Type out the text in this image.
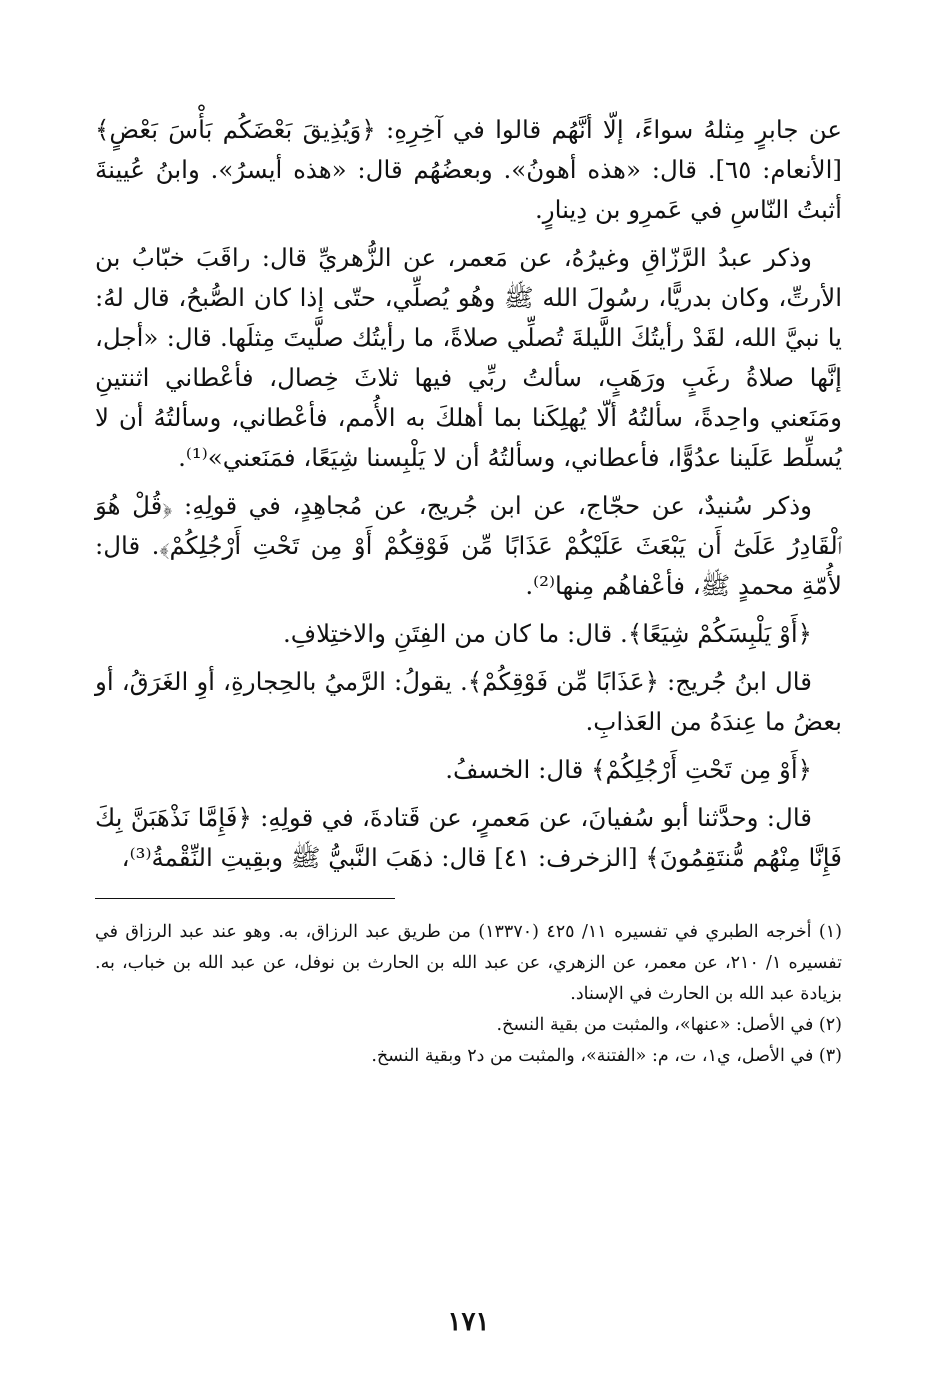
عن جابرٍ مِثلهُ سواءً، إلّا أنَّهُم قالوا في آخِرِهِ: ﴿وَيُذِيقَ بَعْضَكُم بَأْسَ بَعْضٍ﴾ [الأنعام: ٦٥]. قال: «هذه أهونُ». وبعضُهُم قال: «هذه أيسرُ». وابنُ عُيينةَ أثبتُ النّاسِ في عَمرِو بن دِينارٍ.

وذكر عبدُ الرَّزّاقِ وغيرُهُ، عن مَعمر، عن الزُّهريِّ قال: راقَبَ خبّابُ بن الأرتِّ، وكان بدريًّا، رسُولَ الله ﷺ وهُو يُصلِّي، حتّى إذا كان الصُّبحُ، قال لهُ: يا نبيَّ الله، لقَدْ رأيتُكَ اللَّيلةَ تُصلِّي صلاةً، ما رأيتُك صلَّيتَ مِثلَها. قال: «أجل، إنَّها صلاةُ رغَبٍ ورَهَبٍ، سألتُ ربِّي فيها ثلاثَ خِصال، فأعْطاني اثنتينِ ومَنَعني واحِدةً، سألتُهُ ألّا يُهلِكَنا بما أهلكَ به الأُمم، فأعْطاني، وسألتُهُ أن لا يُسلِّط عَلَينا عدُوًّا، فأعطاني، وسألتُهُ أن لا يَلْبِسنا شِيَعًا، فمَنَعني»⁽¹⁾.

وذكر سُنيدٌ، عن حجّاج، عن ابن جُريج، عن مُجاهِدٍ، في قولِهِ: ﴿قُلْ هُوَ ٱلْقَادِرُ عَلَىٰٓ أَن يَبْعَثَ عَلَيْكُمْ عَذَابًا مِّن فَوْقِكُمْ أَوْ مِن تَحْتِ أَرْجُلِكُمْ﴾. قال: لأُمّةِ محمدٍ ﷺ، فأعْفاهُم مِنها⁽²⁾.

﴿أَوْ يَلْبِسَكُمْ شِيَعًا﴾. قال: ما كان من الفِتَنِ والاختِلافِ.

قال ابنُ جُريج: ﴿عَذَابًا مِّن فَوْقِكُمْ﴾. يقولُ: الرَّميُ بالحِجارةِ، أوِ الغَرَقُ، أو بعضُ ما عِندَهُ من العَذابِ.

﴿أَوْ مِن تَحْتِ أَرْجُلِكُمْ﴾ قال: الخسفُ.

قال: وحدَّثنا أبو سُفيانَ، عن مَعمرٍ، عن قَتادةَ، في قولِهِ: ﴿فَإِمَّا نَذْهَبَنَّ بِكَ فَإِنَّا مِنْهُم مُّنتَقِمُونَ﴾ [الزخرف: ٤١] قال: ذهَبَ النَّبيُّ ﷺ وبقِيتِ النِّقْمةُ⁽³⁾،

(١) أخرجه الطبري في تفسيره ١١/ ٤٢٥ (١٣٣٧٠) من طريق عبد الرزاق، به. وهو عند عبد الرزاق في تفسيره ١/ ٢١٠، عن معمر، عن الزهري، عن عبد الله بن الحارث بن نوفل، عن عبد الله بن خباب، به. بزيادة عبد الله بن الحارث في الإسناد.

(٢) في الأصل: «عنها»، والمثبت من بقية النسخ.

(٣) في الأصل، ي١، ت، م: «الفتنة»، والمثبت من د٢ وبقية النسخ.

١٧١
